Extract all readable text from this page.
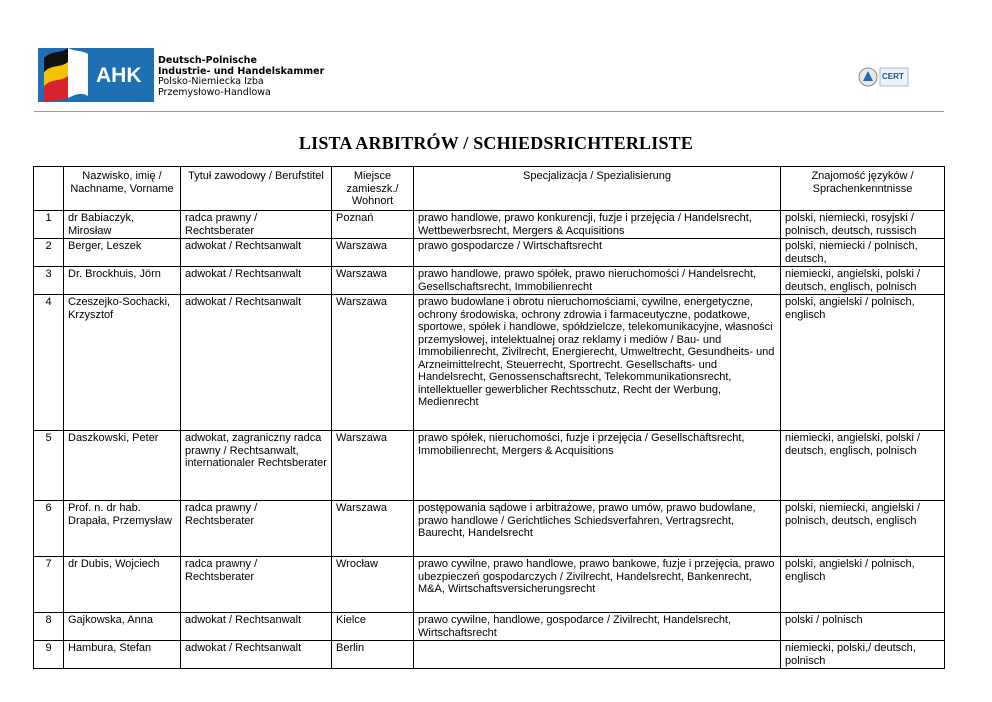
AHK
Deutsch-Polnische
Industrie- und Handelskammer
Polsko-Niemiecka Izba
Przemysłowo-Handlowa
CERT
LISTA ARBITRÓW / SCHIEDSRICHTERLISTE
	Nazwisko, imię / Nachname, Vorname	Tytuł zawodowy / Berufstitel	Miejsce zamieszk./ Wohnort	Specjalizacja / Spezialisierung	Znajomość języków / Sprachenkenntnisse
1	dr Babiaczyk, Mirosław	radca prawny / Rechtsberater	Poznań	prawo handlowe, prawo konkurencji, fuzje i przejęcia / Handelsrecht, Wettbewerbsrecht, Mergers & Acquisitions	polski, niemiecki, rosyjski / polnisch, deutsch, russisch
2	Berger, Leszek	adwokat / Rechtsanwalt	Warszawa	prawo gospodarcze / Wirtschaftsrecht	polski, niemiecki / polnisch, deutsch,
3	Dr. Brockhuis, Jörn	adwokat / Rechtsanwalt	Warszawa	prawo handlowe, prawo spółek, prawo nieruchomości / Handelsrecht, Gesellschaftsrecht, Immobilienrecht	niemiecki, angielski, polski / deutsch, englisch, polnisch
4	Czeszejko-Sochacki, Krzysztof	adwokat / Rechtsanwalt	Warszawa	prawo budowlane i obrotu nieruchomościami, cywilne, energetyczne, ochrony środowiska, ochrony zdrowia i farmaceutyczne, podatkowe, sportowe, spółek i handlowe, spółdzielcze, telekomunikacyjne, własności przemysłowej, intelektualnej oraz reklamy i mediów / Bau- und Immobilienrecht, Zivilrecht, Energierecht, Umweltrecht, Gesundheits- und Arzneimittelrecht, Steuerrecht, Sportrecht. Gesellschafts- und Handelsrecht, Genossenschaftsrecht, Telekommunikationsrecht, intellektueller gewerblicher Rechtsschutz, Recht der Werbung, Medienrecht	polski, angielski / polnisch, englisch
5	Daszkowski, Peter	adwokat, zagraniczny radca prawny / Rechtsanwalt, internationaler Rechtsberater	Warszawa	prawo spółek, nieruchomości, fuzje i przejęcia / Gesellschaftsrecht, Immobilienrecht, Mergers & Acquisitions	niemiecki, angielski, polski / deutsch, englisch, polnisch
6	Prof. n. dr hab. Drapała, Przemysław	radca prawny / Rechtsberater	Warszawa	postępowania sądowe i arbitrażowe, prawo umów, prawo budowlane, prawo handlowe / Gerichtliches Schiedsverfahren, Vertragsrecht, Baurecht, Handelsrecht	polski, niemiecki, angielski / polnisch, deutsch, englisch
7	dr Dubis, Wojciech	radca prawny / Rechtsberater	Wrocław	prawo cywilne, prawo handlowe, prawo bankowe, fuzje i przejęcia, prawo ubezpieczeń gospodarczych / Zivilrecht, Handelsrecht, Bankenrecht, M&A, Wirtschaftsversicherungsrecht	polski, angielski / polnisch, englisch
8	Gajkowska, Anna	adwokat / Rechtsanwalt	Kielce	prawo cywilne, handlowe, gospodarce / Zivilrecht, Handelsrecht, Wirtschaftsrecht	polski / polnisch
9	Hambura, Stefan	adwokat / Rechtsanwalt	Berlin		niemiecki, polski,/ deutsch, polnisch
